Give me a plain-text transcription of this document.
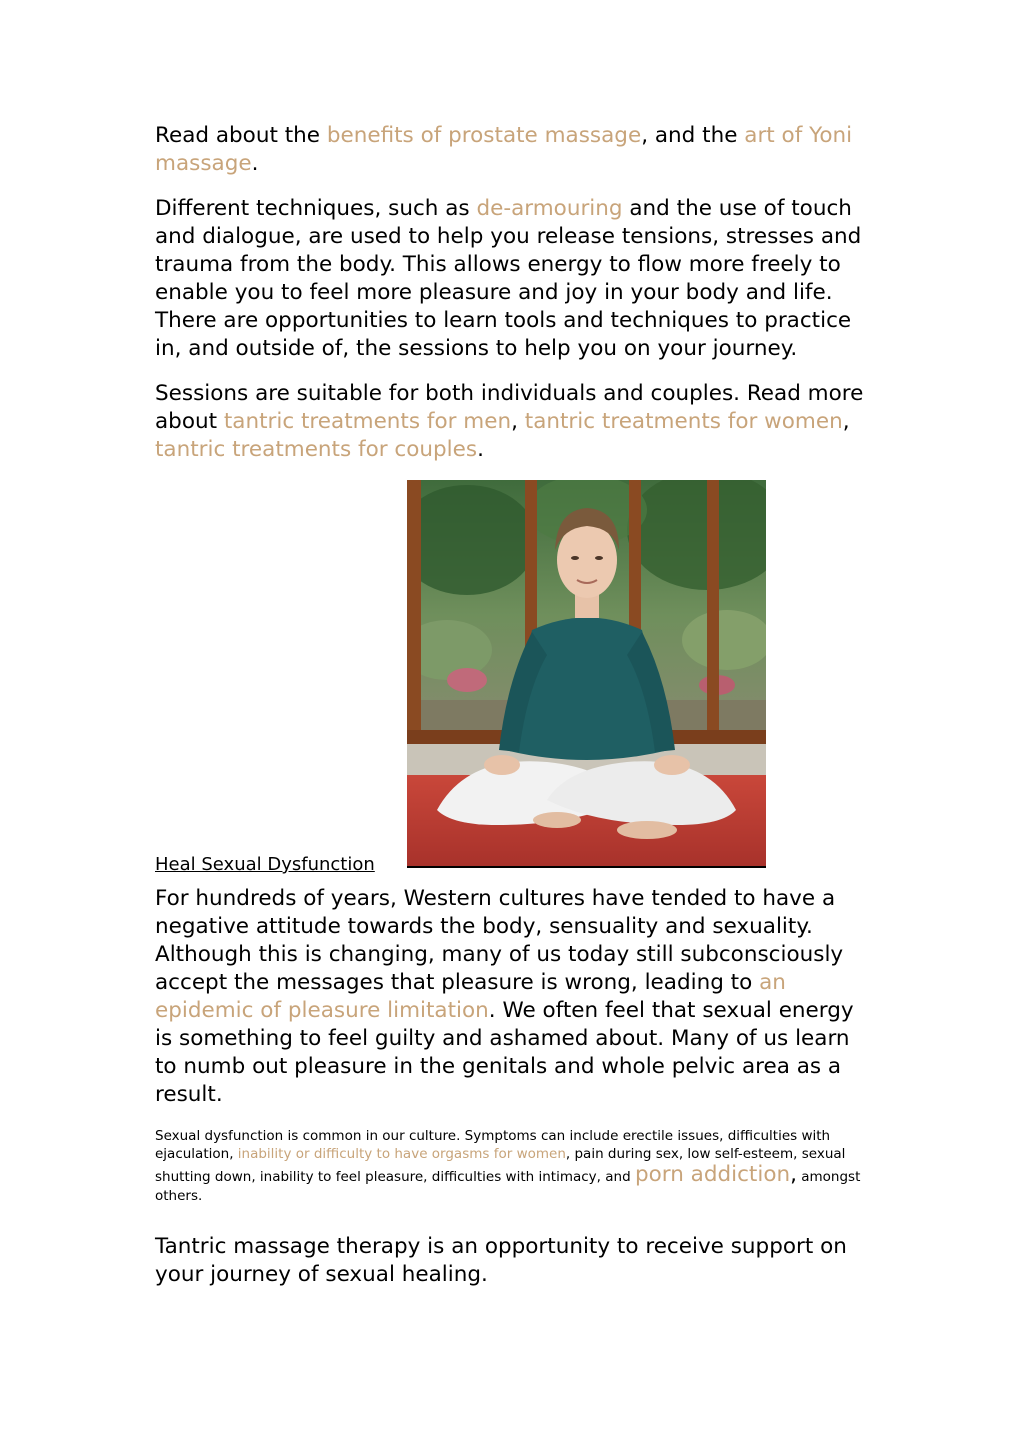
Read about the benefits of prostate massage, and the art of Yoni massage.

Different techniques, such as de-armouring and the use of touch and dialogue, are used to help you release tensions, stresses and trauma from the body. This allows energy to flow more freely to enable you to feel more pleasure and joy in your body and life. There are opportunities to learn tools and techniques to practice in, and outside of, the sessions to help you on your journey.

Sessions are suitable for both individuals and couples. Read more about tantric treatments for men, tantric treatments for women, tantric treatments for couples.

Heal Sexual Dysfunction

For hundreds of years, Western cultures have tended to have a negative attitude towards the body, sensuality and sexuality. Although this is changing, many of us today still subconsciously accept the messages that pleasure is wrong, leading to an epidemic of pleasure limitation. We often feel that sexual energy is something to feel guilty and ashamed about. Many of us learn to numb out pleasure in the genitals and whole pelvic area as a result.

Sexual dysfunction is common in our culture. Symptoms can include erectile issues, difficulties with ejaculation, inability or difficulty to have orgasms for women, pain during sex, low self-esteem, sexual shutting down, inability to feel pleasure, difficulties with intimacy, and porn addiction, amongst others.

Tantric massage therapy is an opportunity to receive support on your journey of sexual healing.
